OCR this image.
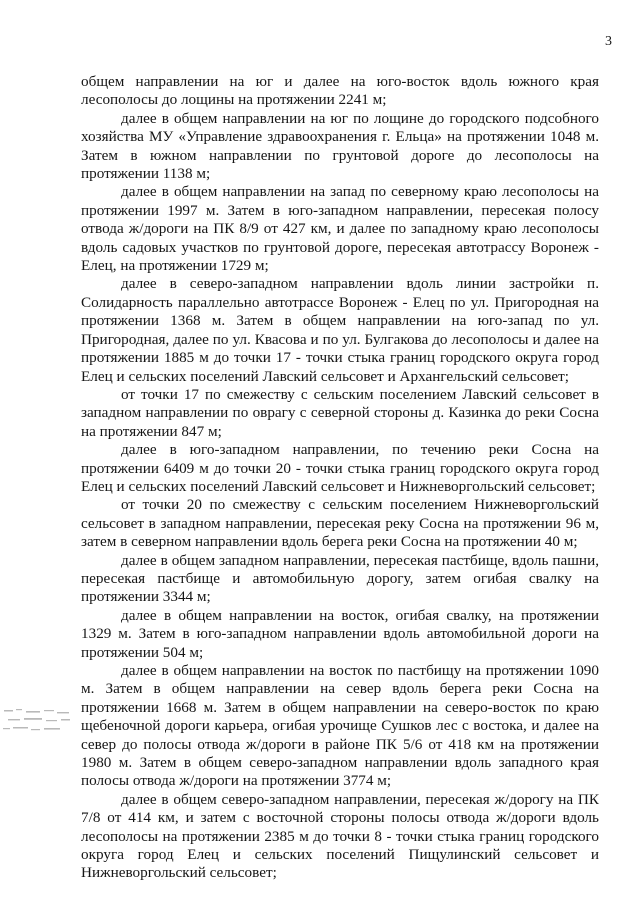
3

общем направлении на юг и далее на юго-восток вдоль южного края лесополосы до лощины на протяжении 2241 м;

далее в общем направлении на юг по лощине до городского подсобного хозяйства МУ «Управление здравоохранения г. Ельца» на протяжении 1048 м. Затем в южном направлении по грунтовой дороге до лесополосы на протяжении 1138 м;

далее в общем направлении на запад по северному краю лесополосы на протяжении 1997 м. Затем в юго-западном направлении, пересекая полосу отвода ж/дороги на ПК 8/9 от 427 км, и далее по западному краю лесополосы вдоль садовых участков по грунтовой дороге, пересекая автотрассу Воронеж - Елец, на протяжении 1729 м;

далее в северо-западном направлении вдоль линии застройки п. Солидарность параллельно автотрассе Воронеж - Елец по ул. Пригородная на протяжении 1368 м. Затем в общем направлении на юго-запад по ул. Пригородная, далее по ул. Квасова и по ул. Булгакова до лесополосы и далее на протяжении 1885 м до точки 17 - точки стыка границ городского округа город Елец и сельских поселений Лавский сельсовет и Архангельский сельсовет;

от точки 17 по смежеству с сельским поселением Лавский сельсовет в западном направлении по оврагу с северной стороны д. Казинка до реки Сосна на протяжении 847 м;

далее в юго-западном направлении, по течению реки Сосна на протяжении 6409 м до точки 20 - точки стыка границ городского округа город Елец и сельских поселений Лавский сельсовет и Нижневоргольский сельсовет;

от точки 20 по смежеству с сельским поселением Нижневоргольский сельсовет в западном направлении, пересекая реку Сосна на протяжении 96 м, затем в северном направлении вдоль берега реки Сосна на протяжении 40 м;

далее в общем западном направлении, пересекая пастбище, вдоль пашни, пересекая пастбище и автомобильную дорогу, затем огибая свалку на протяжении 3344 м;

далее в общем направлении на восток, огибая свалку, на протяжении 1329 м. Затем в юго-западном направлении вдоль автомобильной дороги на протяжении 504 м;

далее в общем направлении на восток по пастбищу на протяжении 1090 м. Затем в общем направлении на север вдоль берега реки Сосна на протяжении 1668 м. Затем в общем направлении на северо-восток по краю щебеночной дороги карьера, огибая урочище Сушков лес с востока, и далее на север до полосы отвода ж/дороги в районе ПК 5/6 от 418 км на протяжении 1980 м. Затем в общем северо-западном направлении вдоль западного края полосы отвода ж/дороги на протяжении 3774 м;

далее в общем северо-западном направлении, пересекая ж/дорогу на ПК 7/8 от 414 км, и затем с восточной стороны полосы отвода ж/дороги вдоль лесополосы на протяжении 2385 м до точки 8 - точки стыка границ городского округа город Елец и сельских поселений Пищулинский сельсовет и Нижневоргольский сельсовет;
